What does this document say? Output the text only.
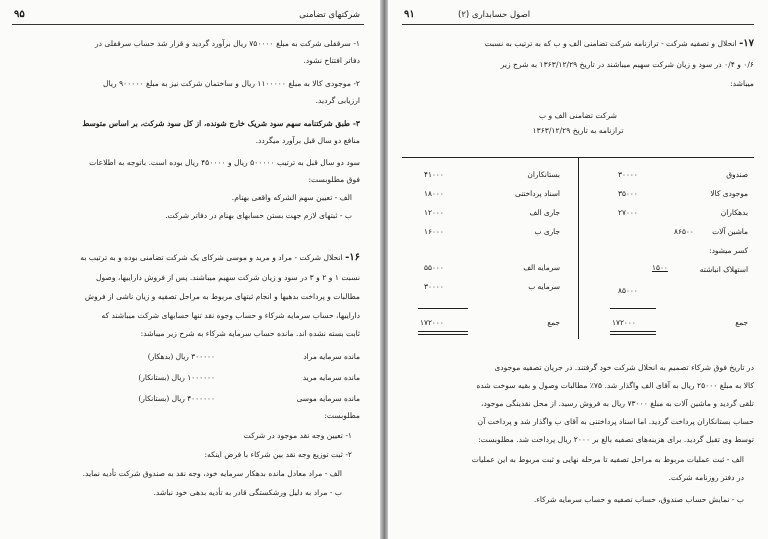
۹۵	شرکتهای تضامنی
۱- سرقفلی شرکت به مبلغ ۷۵۰۰۰۰ ریال برآورد گردید و قرار شد حساب سرقفلی در
دفاتر افتتاح نشود.
۲- موجودی کالا به مبلغ ۱۱۰۰۰۰۰ ریال و ساختمان شرکت نیز به مبلغ ۹۰۰۰۰۰ ریال
ارزیابی گردید.
۳- طبق شرکتنامه سهم سود شریک خارج شونده، از کل سود شرکت، بر اساس متوسط
منافع دو سال قبل برآورد میگردد.
سود دو سال قبل به ترتیب ۵۰۰۰۰۰ ریال و ۴۵۰۰۰۰ ریال بوده است. باتوجه به اطلاعات
فوق مطلوبست:
الف - تعیین سهم الشرکه واقعی بهنام.
ب - ثبتهای لازم جهت بستن حسابهای بهنام در دفاتر شرکت.
۱۶- انحلال شرکت - مراد و مرید و موسی شرکای یک شرکت تضامنی بوده و به ترتیب به
نسبت ۱ و ۲ و ۳ در سود و زیان شرکت سهیم میباشند. پس از فروش داراییها، وصول
مطالبات و پرداخت بدهیها و انجام ثبتهای مربوط به مراحل تصفیه و زیان ناشی از فروش
داراییها، حساب سرمایه شرکاء و حساب وجوه نقد تنها حسابهای شرکت میباشند که
ثابت بسته نشده اند. مانده حساب سرمایه شرکاء به شرح زیر میباشد:
مانده سرمایه مراد
۳۰۰۰۰۰ ریال (بدهکار)
مانده سرمایه مرید
۱۰۰۰۰۰۰ ریال (بستانکار)
مانده سرمایه موسی
۴۰۰۰۰۰۰ ریال (بستانکار)
مطلوبست:
۱- تعیین وجه نقد موجود در شرکت
۲- ثبت توزیع وجه نقد بین شرکاء با فرض اینکه:
الف - مراد معادل مانده بدهکار سرمایه خود، وجه نقد به صندوق شرکت تأدیه نماید.
ب - مراد به دلیل ورشکستگی قادر به تأدیه بدهی خود نباشد.
۹۱	اصول حسابداری (۲)
۱۷- انحلال و تصفیه شرکت - ترازنامه شرکت تضامنی الف و ب که به ترتیب به نسبت
۰/۶ و ۰/۴ در سود و زیان شرکت سهیم میباشند در تاریخ ۱۳۶۳/۱۲/۲۹ به شرح زیر
میباشد:
شرکت تضامنی الف و ب
ترازنامه به تاریخ ۱۳۶۳/۱۲/۲۹
صندوق
۳۰۰۰۰
موجودی کالا
۳۵۰۰۰
بدهکاران
۲۷۰۰۰
ماشین آلات
۸۶۵۰۰
کسر میشود:
استهلاک انباشته
۱۵۰۰
۸۵۰۰۰
جمع
۱۷۲۰۰۰
بستانکاران
۴۱۰۰۰
اسناد پرداختنی
۱۸۰۰۰
جاری الف
۱۲۰۰۰
جاری ب
۱۶۰۰۰
سرمایه الف
۵۵۰۰۰
سرمایه ب
۳۰۰۰۰
جمع
۱۷۲۰۰۰
در تاریخ فوق شرکاء تصمیم به انحلال شرکت خود گرفتند. در جریان تصفیه موجودی
کالا به مبلغ ۲۵۰۰۰ ریال به آقای الف واگذار شد. ۷۵٪ مطالبات وصول و بقیه سوخت شده
تلقی گردید و ماشین آلات به مبلغ ۷۳۰۰۰ ریال به فروش رسید. از محل نقدینگی موجود،
حساب بستانکاران پرداخت گردید. اما اسناد پرداختنی به آقای ب واگذار شد و پرداخت آن
توسط وی تقبل گردید. برای هزینه‌های تصفیه بالغ بر ۲۰۰۰ ریال پرداخت شد. مطلوبست:
الف - ثبت عملیات مربوط به مراحل تصفیه تا مرحله نهایی و ثبت مربوط به این عملیات
در دفتر روزنامه شرکت.
ب - نمایش حساب صندوق، حساب تصفیه و حساب سرمایه شرکاء.
